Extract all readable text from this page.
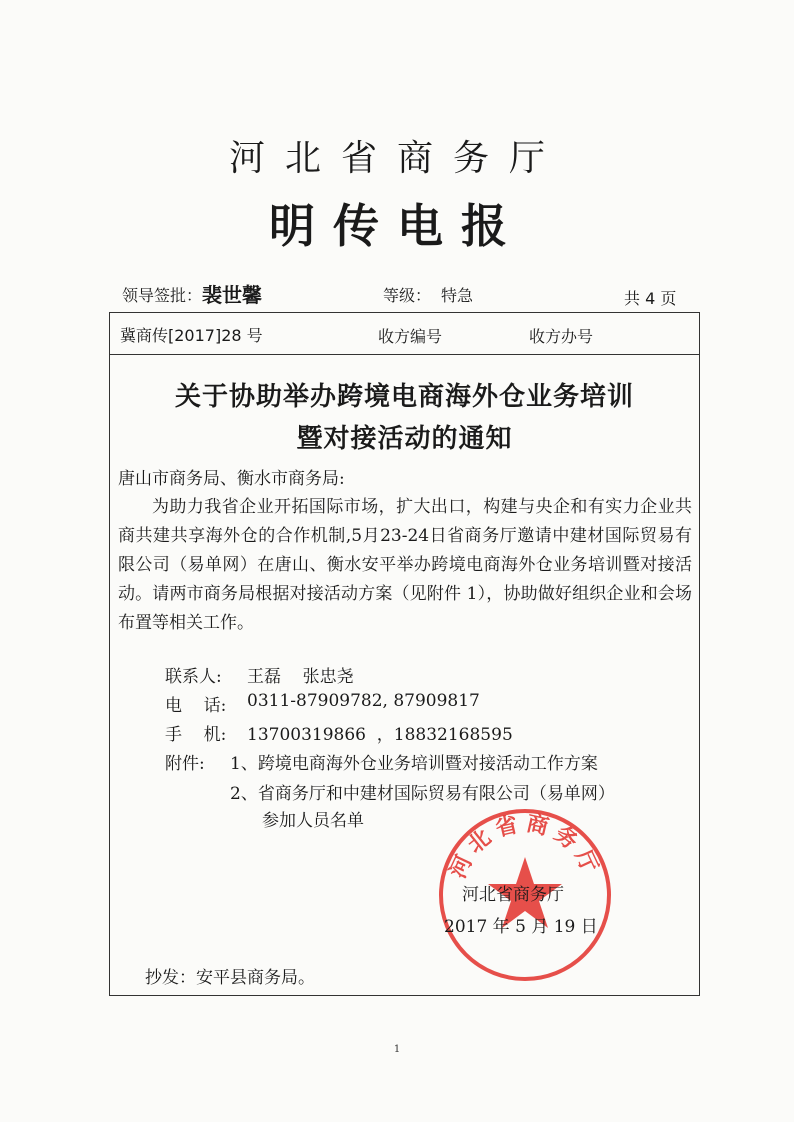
河北省商务厅
明传电报
领导签批： 裴世馨	等级： 特急	共 4 页
冀商传[2017]28 号	收方编号	收方办号
关于协助举办跨境电商海外仓业务培训
暨对接活动的通知
唐山市商务局、衡水市商务局:
为助力我省企业开拓国际市场，扩大出口，构建与央企和有实力企业共商共建共享海外仓的合作机制,5月23-24日省商务厅邀请中建材国际贸易有限公司（易单网）在唐山、衡水安平举办跨境电商海外仓业务培训暨对接活动。请两市商务局根据对接活动方案（见附件 1），协助做好组织企业和会场布置等相关工作。
联系人: 王磊    张忠尧
电    话: 0311-87909782, 87909817
手    机: 13700319866  ，18832168595
附件: 1、跨境电商海外仓业务培训暨对接活动工作方案
2、省商务厅和中建材国际贸易有限公司（易单网）
参加人员名单
河北省商务厅
河北省商务厅
2017 年 5 月 19 日
抄发：安平县商务局。
1
